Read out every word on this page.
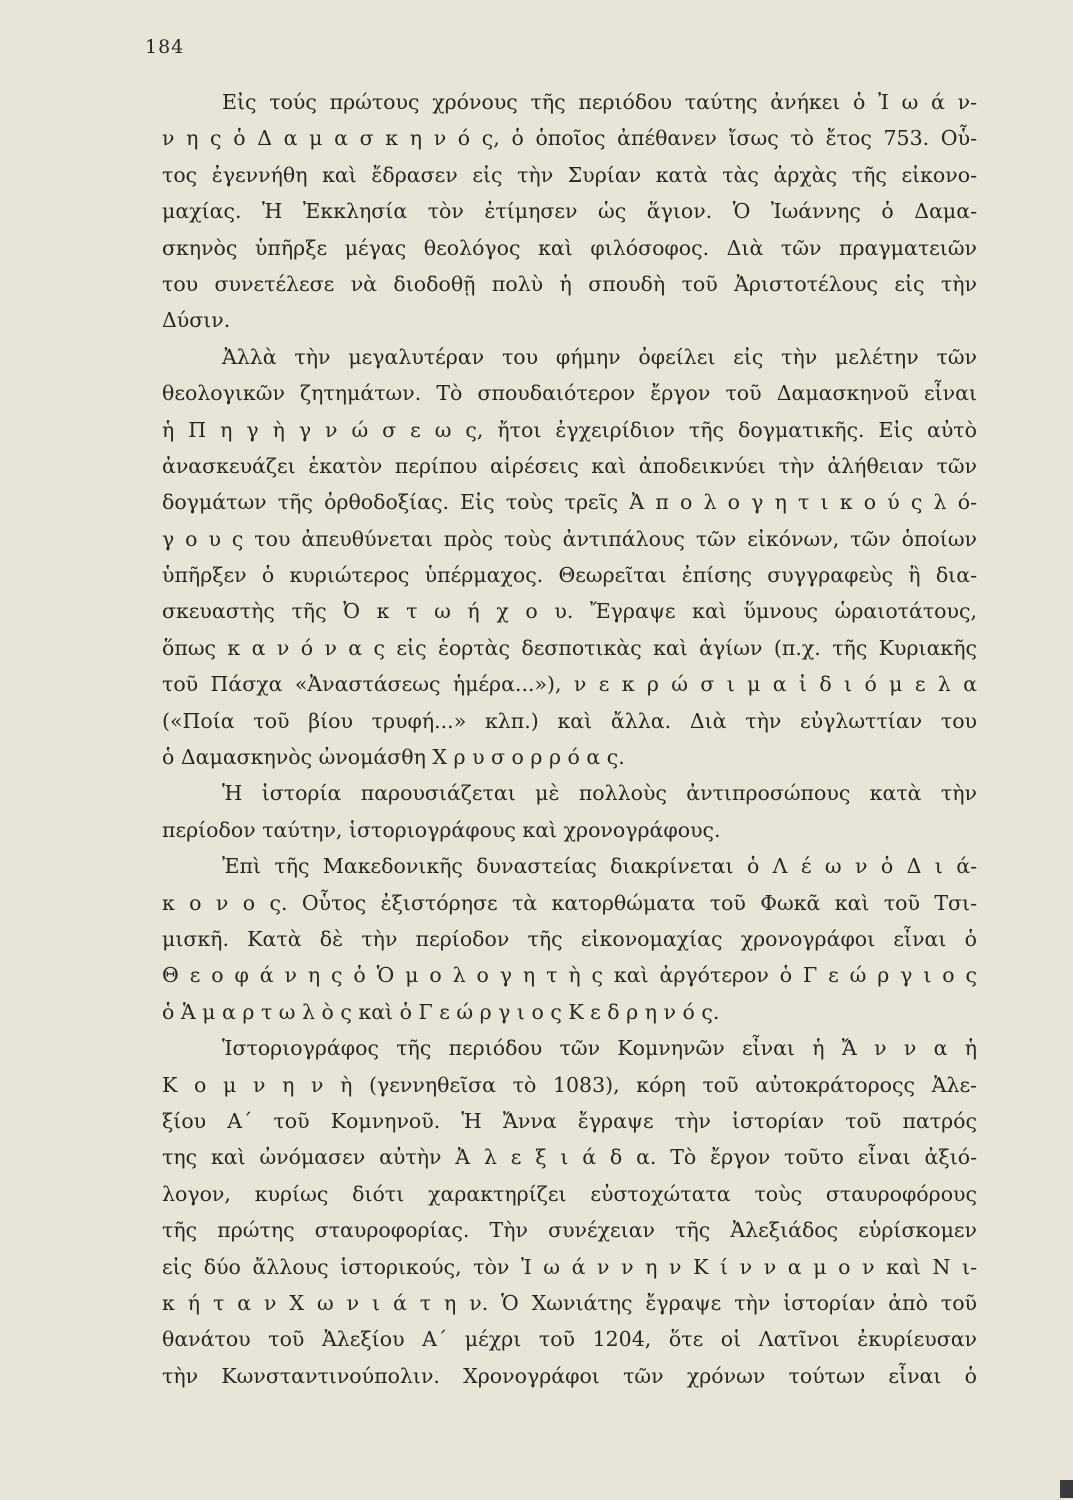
184
Εἰς τούς πρώτους χρόνους τῆς περιόδου ταύτης ἀνήκει ὁ Ἰ ω ά ν-
ν η ς ὁ Δ α μ α σ κ η ν ό ς, ὁ ὁποῖος ἀπέθανεν ἴσως τὸ ἔτος 753. Οὗ-
τος ἐγεννήθη καὶ ἔδρασεν εἰς τὴν Συρίαν κατὰ τὰς ἀρχὰς τῆς εἰκονο-
μαχίας. Ἡ Ἐκκλησία τὸν ἐτίμησεν ὡς ἅγιον. Ὁ Ἰωάννης ὁ Δαμα-
σκηνὸς ὑπῆρξε μέγας θεολόγος καὶ φιλόσοφος. Διὰ τῶν πραγματειῶν
του συνετέλεσε νὰ διοδοθῇ πολὺ ἡ σπουδὴ τοῦ Ἀριστοτέλους εἰς τὴν
Δύσιν.
Ἀλλὰ τὴν μεγαλυτέραν του φήμην ὀφείλει εἰς τὴν μελέτην τῶν
θεολογικῶν ζητημάτων. Τὸ σπουδαιότερον ἔργον τοῦ Δαμασκηνοῦ εἶναι
ἡ Π η γ ὴ γ ν ώ σ ε ω ς, ἤτοι ἐγχειρίδιον τῆς δογματικῆς. Εἰς αὐτὸ
ἀνασκευάζει ἑκατὸν περίπου αἱρέσεις καὶ ἀποδεικνύει τὴν ἀλήθειαν τῶν
δογμάτων τῆς ὀρθοδοξίας. Εἰς τοὺς τρεῖς Ἀ π ο λ ο γ η τ ι κ ο ύ ς λ ό-
γ ο υ ς του ἀπευθύνεται πρὸς τοὺς ἀντιπάλους τῶν εἰκόνων, τῶν ὁποίων
ὑπῆρξεν ὁ κυριώτερος ὑπέρμαχος. Θεωρεῖται ἐπίσης συγγραφεὺς ἢ δια-
σκευαστὴς τῆς Ὀ κ τ ω ή χ ο υ. Ἔγραψε καὶ ὕμνους ὡραιοτάτους,
ὅπως κ α ν ό ν α ς εἰς ἑορτὰς δεσποτικὰς καὶ ἁγίων (π.χ. τῆς Κυριακῆς
τοῦ Πάσχα «Ἀναστάσεως ἡμέρα...»), ν ε κ ρ ώ σ ι μ α ἰ δ ι ό μ ε λ α
(«Ποία τοῦ βίου τρυφή...» κλπ.) καὶ ἄλλα. Διὰ τὴν εὐγλωττίαν του
ὁ Δαμασκηνὸς ὠνομάσθη Χ ρ υ σ ο ρ ρ ό α ς.
Ἡ ἱστορία παρουσιάζεται μὲ πολλοὺς ἀντιπροσώπους κατὰ τὴν
περίοδον ταύτην, ἱστοριογράφους καὶ χρονογράφους.
Ἐπὶ τῆς Μακεδονικῆς δυναστείας διακρίνεται ὁ Λ έ ω ν ὁ Δ ι ά-
κ ο ν ο ς. Οὗτος ἐξιστόρησε τὰ κατορθώματα τοῦ Φωκᾶ καὶ τοῦ Τσι-
μισκῆ. Κατὰ δὲ τὴν περίοδον τῆς εἰκονομαχίας χρονογράφοι εἶναι ὁ
Θ ε ο φ ά ν η ς ὁ Ὁ μ ο λ ο γ η τ ὴ ς καὶ ἀργότερον ὁ Γ ε ώ ρ γ ι ο ς
ὁ Ἁ μ α ρ τ ω λ ὸ ς καὶ ὁ Γ ε ώ ρ γ ι ο ς Κ ε δ ρ η ν ό ς.
Ἱστοριογράφος τῆς περιόδου τῶν Κομνηνῶν εἶναι ἡ Ἄ ν ν α ἡ
Κ ο μ ν η ν ὴ (γεννηθεῖσα τὸ 1083), κόρη τοῦ αὐτοκράτοροςς Ἀλε-
ξίου Α΄ τοῦ Κομνηνοῦ. Ἡ Ἄννα ἔγραψε τὴν ἱστορίαν τοῦ πατρός
της καὶ ὠνόμασεν αὐτὴν Ἀ λ ε ξ ι ά δ α. Τὸ ἔργον τοῦτο εἶναι ἀξιό-
λογον, κυρίως διότι χαρακτηρίζει εὐστοχώτατα τοὺς σταυροφόρους
τῆς πρώτης σταυροφορίας. Τὴν συνέχειαν τῆς Ἀλεξιάδος εὑρίσκομεν
εἰς δύο ἄλλους ἱστορικούς, τὸν Ἰ ω ά ν ν η ν Κ ί ν ν α μ ο ν καὶ Ν ι-
κ ή τ α ν Χ ω ν ι ά τ η ν. Ὁ Χωνιάτης ἔγραψε τὴν ἱστορίαν ἀπὸ τοῦ
θανάτου τοῦ Ἀλεξίου Α΄ μέχρι τοῦ 1204, ὅτε οἱ Λατῖνοι ἐκυρίευσαν
τὴν Κωνσταντινούπολιν. Χρονογράφοι τῶν χρόνων τούτων εἶναι ὁ
